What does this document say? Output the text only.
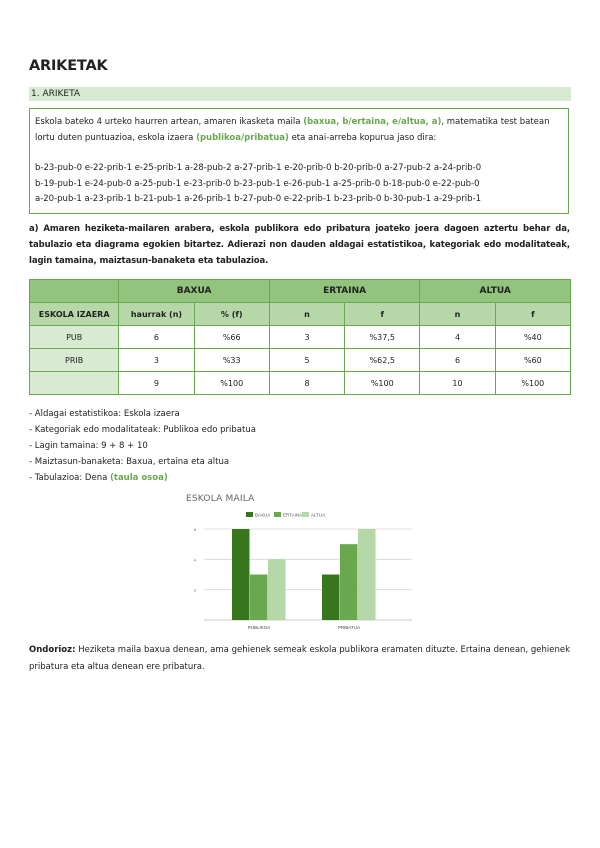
ARIKETAK
1. ARIKETA
Eskola bateko 4 urteko haurren artean, amaren ikasketa maila (baxua, b/ertaina, e/altua, a), matematika test batean
lortu duten puntuazioa, eskola izaera (publikoa/pribatua) eta anai-arreba kopurua jaso dira:
b-23-pub-0 e-22-prib-1 e-25-prib-1 a-28-pub-2 a-27-prib-1 e-20-prib-0 b-20-prib-0 a-27-pub-2 a-24-prib-0
b-19-pub-1 e-24-pub-0 a-25-pub-1 e-23-prib-0 b-23-pub-1 e-26-pub-1 a-25-prib-0 b-18-pub-0 e-22-pub-0
a-20-pub-1 a-23-prib-1 b-21-pub-1 a-26-prib-1 b-27-pub-0 e-22-prib-1 b-23-prib-0 b-30-pub-1 a-29-prib-1
a) Amaren heziketa-mailaren arabera, eskola publikora edo pribatura joateko joera dagoen aztertu behar da, tabulazio eta diagrama egokien bitartez. Adierazi non dauden aldagai estatistikoa, kategoriak edo modalitateak, lagin tamaina, maiztasun-banaketa eta tabulazioa.
	BAXUA		ERTAINA		ALTUA	
ESKOLA IZAERA	haurrak (n)	% (f)	n	f	n	f
PUB	6	%66	3	%37,5	4	%40
PRIB	3	%33	5	%62,5	6	%60
	9	%100	8	%100	10	%100
- Aldagai estatistikoa: Eskola izaera
- Kategoriak edo modalitateak: Publikoa edo pribatua
- Lagin tamaina: 9 + 8 + 10
- Maiztasun-banaketa: Baxua, ertaina eta altua
- Tabulazioa: Dena (taula osoa)
ESKOLA MAILA
6
4
2
BAXUA	ERTAINA ALTUA
PUBLIKOA	PRIBATUA
Ondorioz: Heziketa maila baxua denean, ama gehienek semeak eskola publikora eramaten dituzte. Ertaina denean, gehienek pribatura eta altua denean ere pribatura.
